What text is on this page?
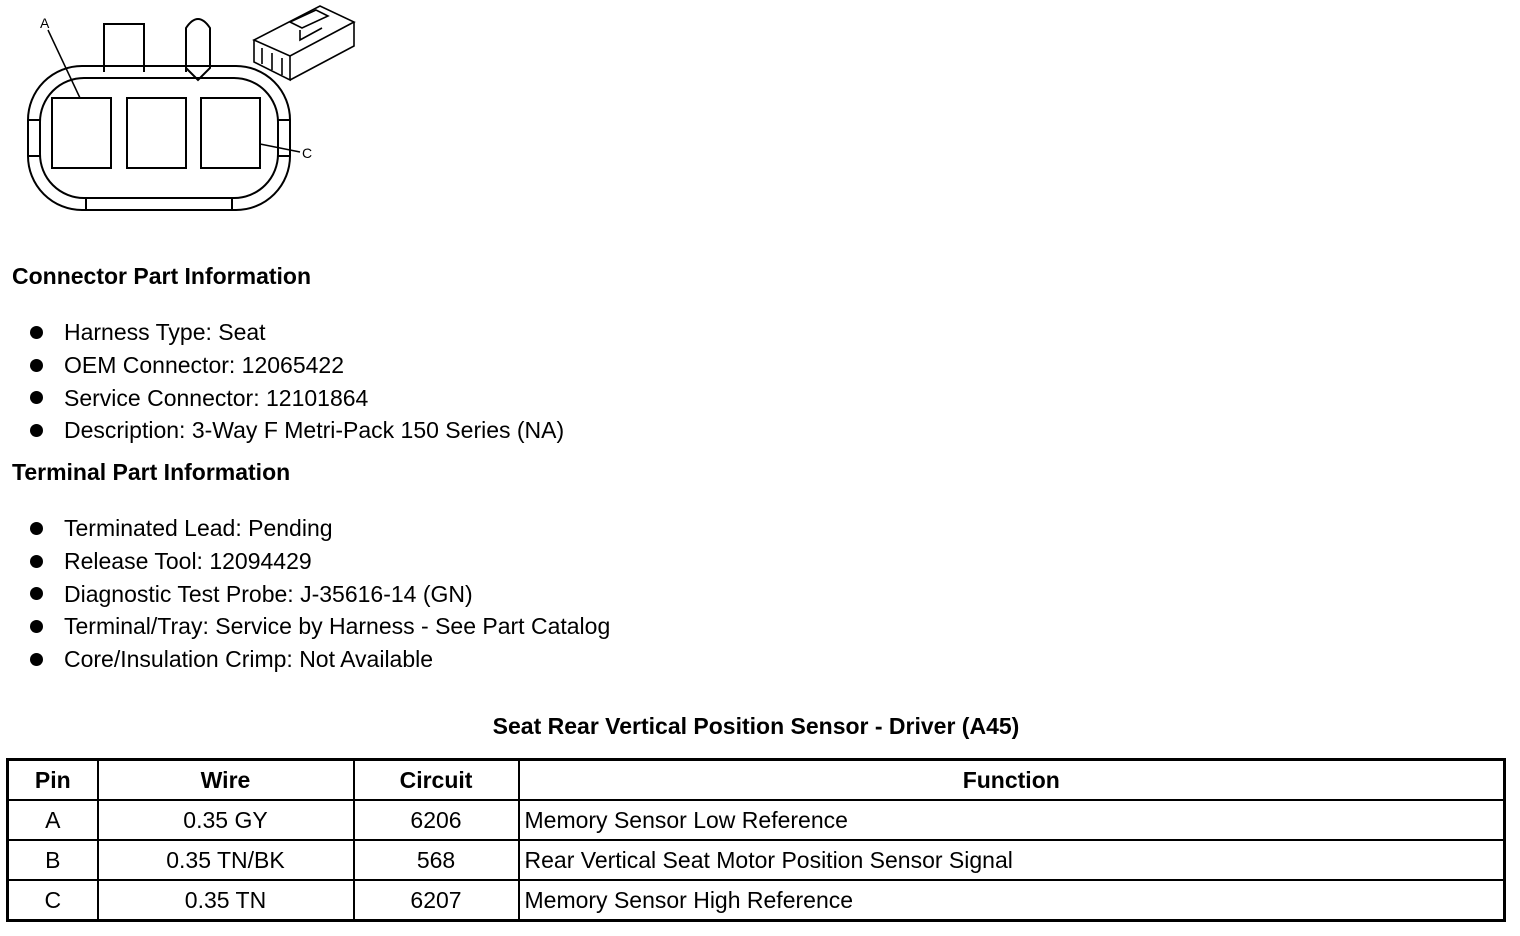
A
C
Connector Part Information
Harness Type: Seat
OEM Connector: 12065422
Service Connector: 12101864
Description: 3-Way F Metri-Pack 150 Series (NA)
Terminal Part Information
Terminated Lead: Pending
Release Tool: 12094429
Diagnostic Test Probe: J-35616-14 (GN)
Terminal/Tray: Service by Harness - See Part Catalog
Core/Insulation Crimp: Not Available
Seat Rear Vertical Position Sensor - Driver (A45)
Pin	Wire	Circuit	Function
A	0.35 GY	6206	Memory Sensor Low Reference
B	0.35 TN/BK	568	Rear Vertical Seat Motor Position Sensor Signal
C	0.35 TN	6207	Memory Sensor High Reference
